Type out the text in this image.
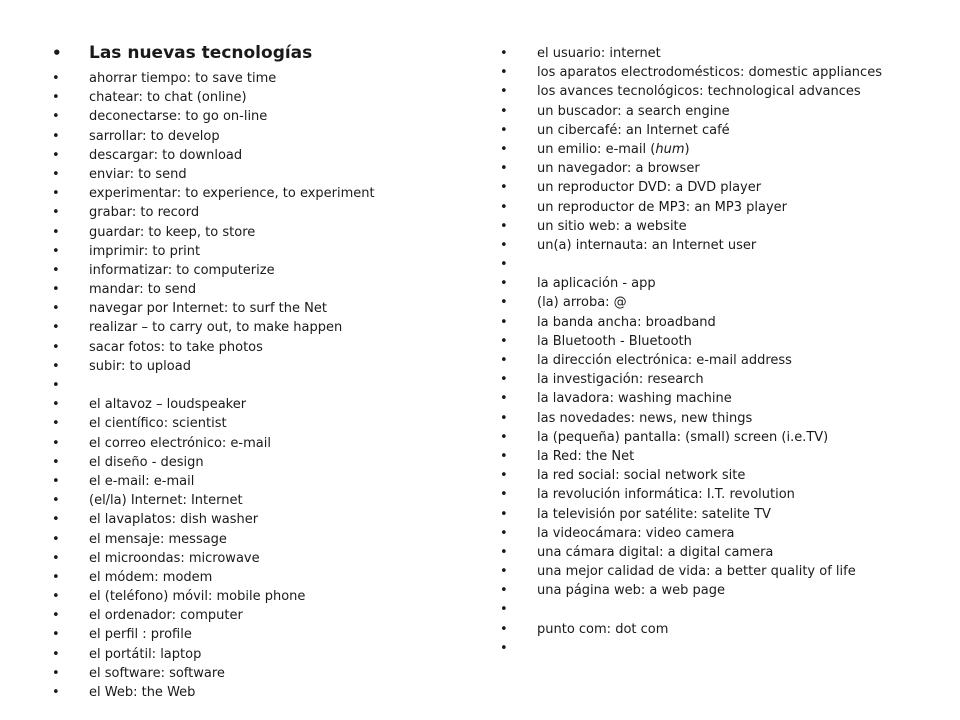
• Las nuevas tecnologías
• ahorrar tiempo: to save time
• chatear: to chat (online)
• deconectarse: to go on-line
• sarrollar: to develop
• descargar: to download
• enviar: to send
• experimentar: to experience, to experiment
• grabar: to record
• guardar: to keep, to store
• imprimir: to print
• informatizar: to computerize
• mandar: to send
• navegar por Internet: to surf the Net
• realizar – to carry out, to make happen
• sacar fotos: to take photos
• subir: to upload
•
• el altavoz – loudspeaker
• el científico: scientist
• el correo electrónico: e-mail
• el diseño - design
• el e-mail: e-mail
• (el/la) Internet: Internet
• el lavaplatos: dish washer
• el mensaje: message
• el microondas: microwave
• el módem: modem
• el (teléfono) móvil: mobile phone
• el ordenador: computer
• el perfil : profile
• el portátil: laptop
• el software: software
• el Web: the Web
• el usuario: internet
• los aparatos electrodomésticos: domestic appliances
• los avances tecnológicos: technological advances
• un buscador: a search engine
• un cibercafé: an Internet café
• un emilio: e-mail (hum)
• un navegador: a browser
• un reproductor DVD: a DVD player
• un reproductor de MP3: an MP3 player
• un sitio web: a website
• un(a) internauta: an Internet user
•
• la aplicación - app
• (la) arroba: @
• la banda ancha: broadband
• la Bluetooth - Bluetooth
• la dirección electrónica: e-mail address
• la investigación: research
• la lavadora: washing machine
• las novedades: news, new things
• la (pequeña) pantalla: (small) screen (i.e.TV)
• la Red: the Net
• la red social: social network site
• la revolución informática: I.T. revolution
• la televisión por satélite: satelite TV
• la videocámara: video camera
• una cámara digital: a digital camera
• una mejor calidad de vida: a better quality of life
• una página web: a web page
•
• punto com: dot com
•
